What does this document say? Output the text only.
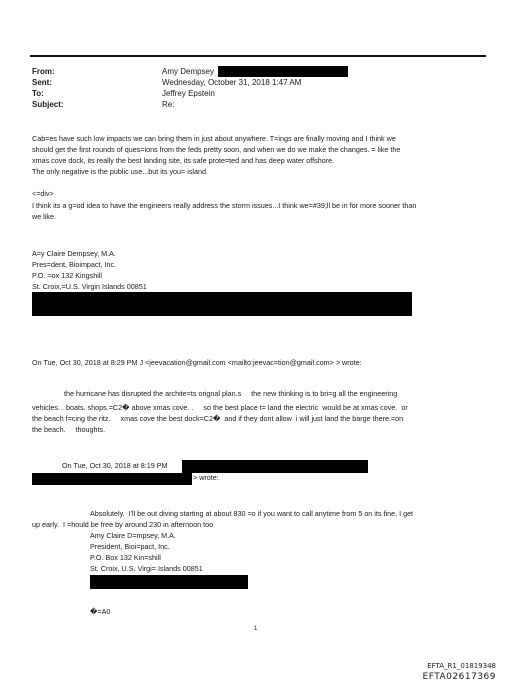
From:	Amy Dempsey
Sent:	Wednesday, October 31, 2018 1:47 AM
To:	Jeffrey Epstein
Subject:	Re:
Cab=es have such low impacts we can bring them in just about anywhere. T=ings are finally moving and I think we
should get the first rounds of ques=ions from the feds pretty soon, and when we do we make the changes. = like the
xmas cove dock, its really the best landing site, its safe prote=ted and has deep water offshore.
The only negative is the public use...but its you= island.
<=div>
I think its a g=od idea to have the engineers really address the storm issues...I think we=#39;ll be in for more sooner than
we like.
A=y Claire Dempsey, M.A.
Pres=dent, Bioimpact, Inc.
P.O. =ox 132 Kingshill
St. Croix,=U.S. Virgin Islands 00851
On Tue, Oct 30, 2018 at 8:29 PM J <jeevacation@gmail.com <mailto:jeevac=tion@gmail.com> > wrote:
the hurricane has disrupted the archite=ts orignal plan.s     the new thinking is to bri=g all the engineering
vehicles. . boats. shops.=C2� above xmas cove. .     so the best place t= land the electric  would be at xmas cove.  or
the beach f=cing the ritz.     xmas cove the best dock=C2�  and if they dont allow  i will just land the barge there.=on
the beach.     thoughts.
On Tue, Oct 30, 2018 at 8:19 PM
> wrote:
Absolutely.  I'll be out diving starting at about 830 =o if you want to call anytime from 5 on its fine, I get
up early.  I =hould be free by around 230 in afternoon too
Amy Claire D=mpsey, M.A.
President, Bioi=pact, Inc.
P.O. Box 132 Kin=shill
St. Croix, U.S. Virgi= Islands 00851
�=A0
1
EFTA_R1_01819348
EFTA02617369
